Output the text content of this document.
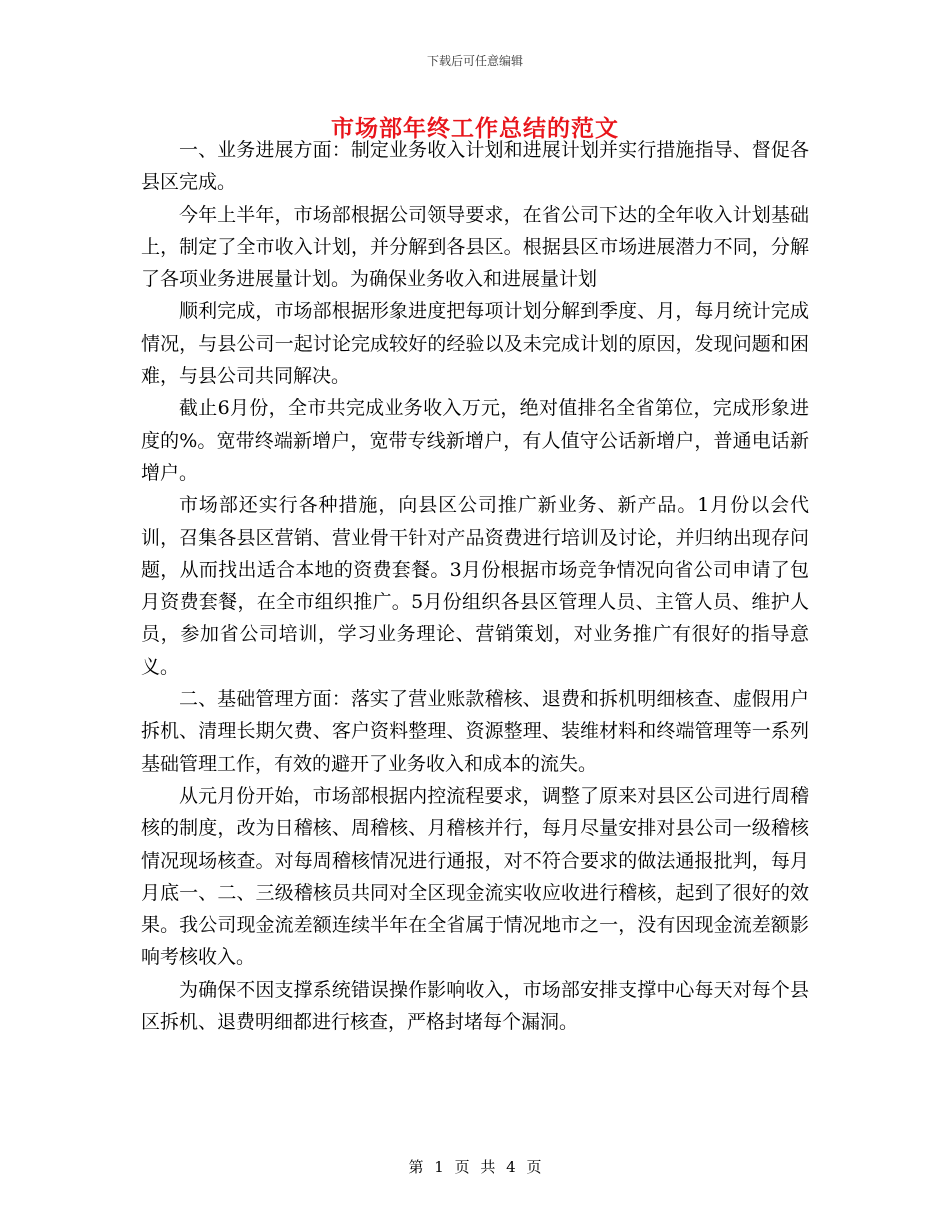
下载后可任意编辑
市场部年终工作总结的范文

一、业务进展方面：制定业务收入计划和进展计划并实行措施指导、督促各县区完成。

今年上半年，市场部根据公司领导要求，在省公司下达的全年收入计划基础上，制定了全市收入计划，并分解到各县区。根据县区市场进展潜力不同，分解了各项业务进展量计划。为确保业务收入和进展量计划

顺利完成，市场部根据形象进度把每项计划分解到季度、月，每月统计完成情况，与县公司一起讨论完成较好的经验以及未完成计划的原因，发现问题和困难，与县公司共同解决。

截止6月份，全市共完成业务收入万元，绝对值排名全省第位，完成形象进度的%。宽带终端新增户，宽带专线新增户，有人值守公话新增户，普通电话新增户。

市场部还实行各种措施，向县区公司推广新业务、新产品。1月份以会代训，召集各县区营销、营业骨干针对产品资费进行培训及讨论，并归纳出现存问题，从而找出适合本地的资费套餐。3月份根据市场竞争情况向省公司申请了包月资费套餐，在全市组织推广。5月份组织各县区管理人员、主管人员、维护人员，参加省公司培训，学习业务理论、营销策划，对业务推广有很好的指导意义。

二、基础管理方面：落实了营业账款稽核、退费和拆机明细核查、虚假用户拆机、清理长期欠费、客户资料整理、资源整理、装维材料和终端管理等一系列基础管理工作，有效的避开了业务收入和成本的流失。

从元月份开始，市场部根据内控流程要求，调整了原来对县区公司进行周稽核的制度，改为日稽核、周稽核、月稽核并行，每月尽量安排对县公司一级稽核情况现场核查。对每周稽核情况进行通报，对不符合要求的做法通报批判，每月月底一、二、三级稽核员共同对全区现金流实收应收进行稽核，起到了很好的效果。我公司现金流差额连续半年在全省属于情况地市之一，没有因现金流差额影响考核收入。

为确保不因支撑系统错误操作影响收入，市场部安排支撑中心每天对每个县区拆机、退费明细都进行核查，严格封堵每个漏洞。

第 1 页 共 4 页
